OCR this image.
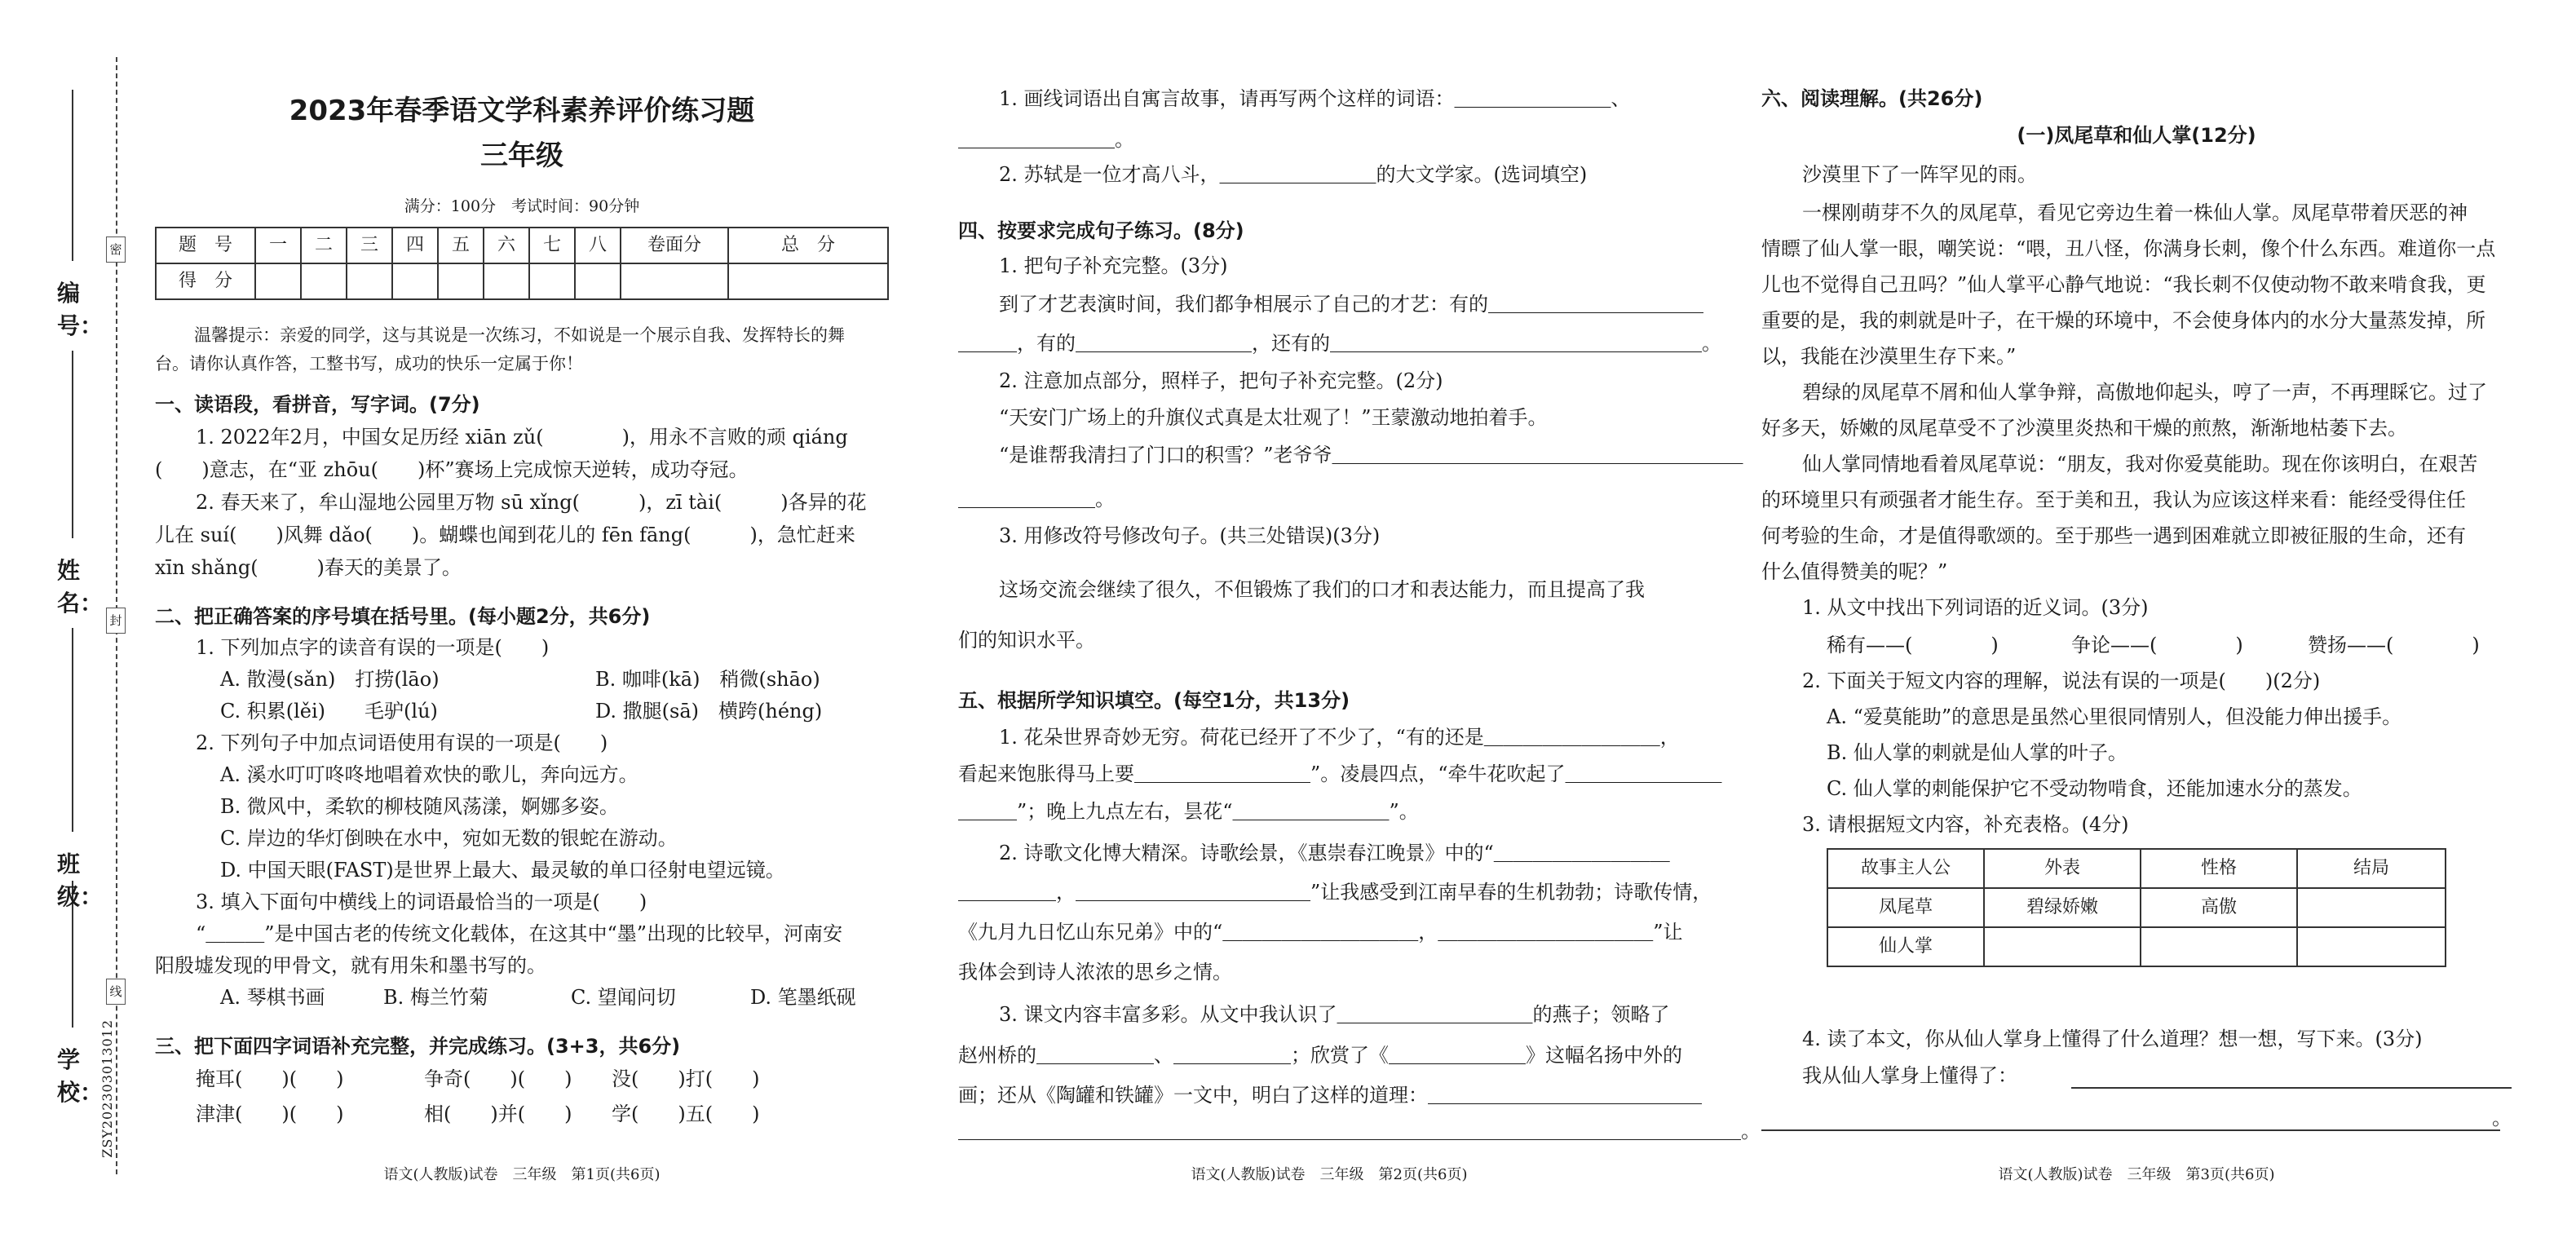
密
封
线
学校：
班级：
姓名：
编号：
ZSY202303013012
2023年春季语文学科素养评价练习题
三年级
满分：100分　考试时间：90分钟
题　号	一	二	三	四	五	六	七	八	卷面分	总　分
得　分										
温馨提示：亲爱的同学，这与其说是一次练习，不如说是一个展示自我、发挥特长的舞
台。请你认真作答，工整书写，成功的快乐一定属于你！
一、读语段，看拼音，写字词。(7分)
1. 2022年2月，中国女足历经 xiān zǔ(　　　　)，用永不言败的顽 qiáng
(　　)意志，在“亚 zhōu(　　)杯”赛场上完成惊天逆转，成功夺冠。
2. 春天来了，牟山湿地公园里万物 sū xǐng(　　　)，zī tài(　　　)各异的花
儿在 suí(　　)风舞 dǎo(　　)。蝴蝶也闻到花儿的 fēn fāng(　　　)，急忙赶来
xīn shǎng(　　　)春天的美景了。
二、把正确答案的序号填在括号里。(每小题2分，共6分)
1. 下列加点字的读音有误的一项是(　　)
A. 散漫(sǎn)　打捞(lāo)	B. 咖啡(kā)　稍微(shāo)
C. 积累(lěi)　　毛驴(lú)	D. 撒腿(sā)　横跨(héng)
2. 下列句子中加点词语使用有误的一项是(　　)
A. 溪水叮叮咚咚地唱着欢快的歌儿，奔向远方。
B. 微风中，柔软的柳枝随风荡漾，婀娜多姿。
C. 岸边的华灯倒映在水中，宛如无数的银蛇在游动。
D. 中国天眼(FAST)是世界上最大、最灵敏的单口径射电望远镜。
3. 填入下面句中横线上的词语最恰当的一项是(　　)
“＿＿＿”是中国古老的传统文化载体，在这其中“墨”出现的比较早，河南安
阳殷墟发现的甲骨文，就有用朱和墨书写的。
A. 琴棋书画	B. 梅兰竹菊	C. 望闻问切	D. 笔墨纸砚
三、把下面四字词语补充完整，并完成练习。(3+3，共6分)
掩耳(　　)(　　)	争奇(　　)(　　) 没(　　)打(　　)
津津(　　)(　　)	相(　　)并(　　) 学(　　)五(　　)
语文(人教版)试卷　三年级　第1页(共6页)
1. 画线词语出自寓言故事，请再写两个这样的词语：＿＿＿＿＿＿＿＿、
＿＿＿＿＿＿＿＿。
2. 苏轼是一位才高八斗，＿＿＿＿＿＿＿＿的大文学家。(选词填空)
四、按要求完成句子练习。(8分)
1. 把句子补充完整。(3分)
到了才艺表演时间，我们都争相展示了自己的才艺：有的＿＿＿＿＿＿＿＿＿＿＿
＿＿＿，有的＿＿＿＿＿＿＿＿＿，还有的＿＿＿＿＿＿＿＿＿＿＿＿＿＿＿＿＿＿＿。
2. 注意加点部分，照样子，把句子补充完整。(2分)
“天安门广场上的升旗仪式真是太壮观了！”王蒙激动地拍着手。
“是谁帮我清扫了门口的积雪？”老爷爷＿＿＿＿＿＿＿＿＿＿＿＿＿＿＿＿＿＿＿＿＿
＿＿＿＿＿＿＿。
3. 用修改符号修改句子。(共三处错误)(3分)
这场交流会继续了很久，不但锻炼了我们的口才和表达能力，而且提高了我
们的知识水平。
五、根据所学知识填空。(每空1分，共13分)
1. 花朵世界奇妙无穷。荷花已经开了不少了，“有的还是＿＿＿＿＿＿＿＿＿，
看起来饱胀得马上要＿＿＿＿＿＿＿＿＿”。凌晨四点，“牵牛花吹起了＿＿＿＿＿＿＿＿
＿＿＿”；晚上九点左右，昙花“＿＿＿＿＿＿＿＿”。
2. 诗歌文化博大精深。诗歌绘景，《惠崇春江晚景》中的“＿＿＿＿＿＿＿＿＿
＿＿＿＿＿，＿＿＿＿＿＿＿＿＿＿＿＿”让我感受到江南早春的生机勃勃；诗歌传情，
《九月九日忆山东兄弟》中的“＿＿＿＿＿＿＿＿＿＿，＿＿＿＿＿＿＿＿＿＿＿”让
我体会到诗人浓浓的思乡之情。
3. 课文内容丰富多彩。从文中我认识了＿＿＿＿＿＿＿＿＿＿的燕子；领略了
赵州桥的＿＿＿＿＿＿、＿＿＿＿＿＿；欣赏了《＿＿＿＿＿＿＿》这幅名扬中外的
画；还从《陶罐和铁罐》一文中，明白了这样的道理：＿＿＿＿＿＿＿＿＿＿＿＿＿＿
＿＿＿＿＿＿＿＿＿＿＿＿＿＿＿＿＿＿＿＿＿＿＿＿＿＿＿＿＿＿＿＿＿＿＿＿＿＿＿＿。
语文(人教版)试卷　三年级　第2页(共6页)
六、阅读理解。(共26分)
(一)凤尾草和仙人掌(12分)
沙漠里下了一阵罕见的雨。
一棵刚萌芽不久的凤尾草，看见它旁边生着一株仙人掌。凤尾草带着厌恶的神
情瞟了仙人掌一眼，嘲笑说：“喂，丑八怪，你满身长刺，像个什么东西。难道你一点
儿也不觉得自己丑吗？”仙人掌平心静气地说：“我长刺不仅使动物不敢来啃食我，更
重要的是，我的刺就是叶子，在干燥的环境中，不会使身体内的水分大量蒸发掉，所
以，我能在沙漠里生存下来。”
碧绿的凤尾草不屑和仙人掌争辩，高傲地仰起头，哼了一声，不再理睬它。过了
好多天，娇嫩的凤尾草受不了沙漠里炎热和干燥的煎熬，渐渐地枯萎下去。
仙人掌同情地看着凤尾草说：“朋友，我对你爱莫能助。现在你该明白，在艰苦
的环境里只有顽强者才能生存。至于美和丑，我认为应该这样来看：能经受得住任
何考验的生命，才是值得歌颂的。至于那些一遇到困难就立即被征服的生命，还有
什么值得赞美的呢？”
1. 从文中找出下列词语的近义词。(3分)
稀有——(　　　　)	争论——(　　　　)	赞扬——(　　　　)
2. 下面关于短文内容的理解，说法有误的一项是(　　)(2分)
A. “爱莫能助”的意思是虽然心里很同情别人，但没能力伸出援手。
B. 仙人掌的刺就是仙人掌的叶子。
C. 仙人掌的刺能保护它不受动物啃食，还能加速水分的蒸发。
3. 请根据短文内容，补充表格。(4分)
故事主人公	外表	性格	结局
凤尾草	碧绿娇嫩	高傲	
仙人掌			
4. 读了本文，你从仙人掌身上懂得了什么道理？想一想，写下来。(3分)
我从仙人掌身上懂得了：
。
语文(人教版)试卷　三年级　第3页(共6页)
